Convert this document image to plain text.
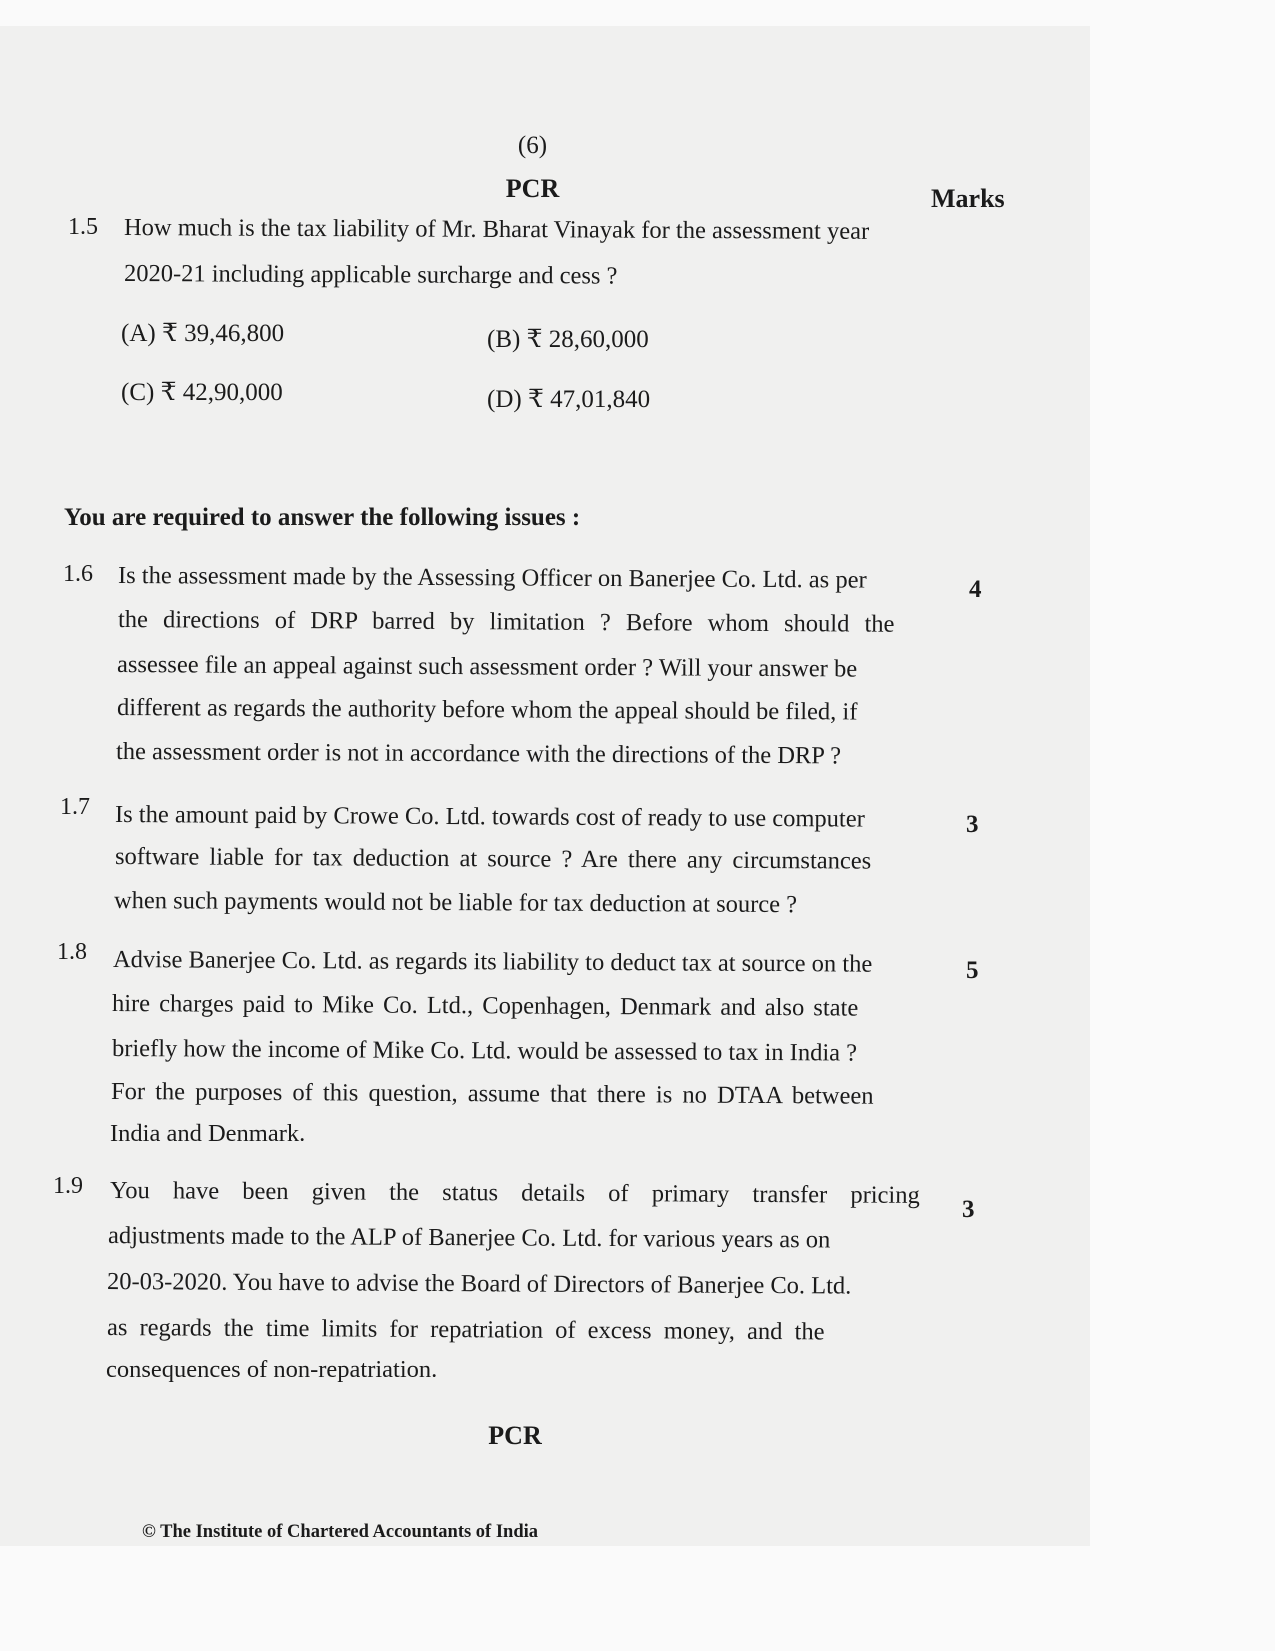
(6)
PCR	Marks
1.5 How much is the tax liability of Mr. Bharat Vinayak for the assessment year
2020-21 including applicable surcharge and cess ?
(A) ₹ 39,46,800	(B) ₹ 28,60,000
(C) ₹ 42,90,000	(D) ₹ 47,01,840
You are required to answer the following issues :
1.6 Is the assessment made by the Assessing Officer on Banerjee Co. Ltd. as per
the directions of DRP barred by limitation ? Before whom should the
assessee file an appeal against such assessment order ? Will your answer be
different as regards the authority before whom the appeal should be filed, if
the assessment order is not in accordance with the directions of the DRP ?
4
1.7 Is the amount paid by Crowe Co. Ltd. towards cost of ready to use computer
software liable for tax deduction at source ? Are there any circumstances
when such payments would not be liable for tax deduction at source ?
3
1.8 Advise Banerjee Co. Ltd. as regards its liability to deduct tax at source on the
hire charges paid to Mike Co. Ltd., Copenhagen, Denmark and also state
briefly how the income of Mike Co. Ltd. would be assessed to tax in India ?
For the purposes of this question, assume that there is no DTAA between
India and Denmark.
5
1.9 You have been given the status details of primary transfer pricing
adjustments made to the ALP of Banerjee Co. Ltd. for various years as on
20-03-2020. You have to advise the Board of Directors of Banerjee Co. Ltd.
as regards the time limits for repatriation of excess money, and the
consequences of non-repatriation.
3
PCR
© The Institute of Chartered Accountants of India
